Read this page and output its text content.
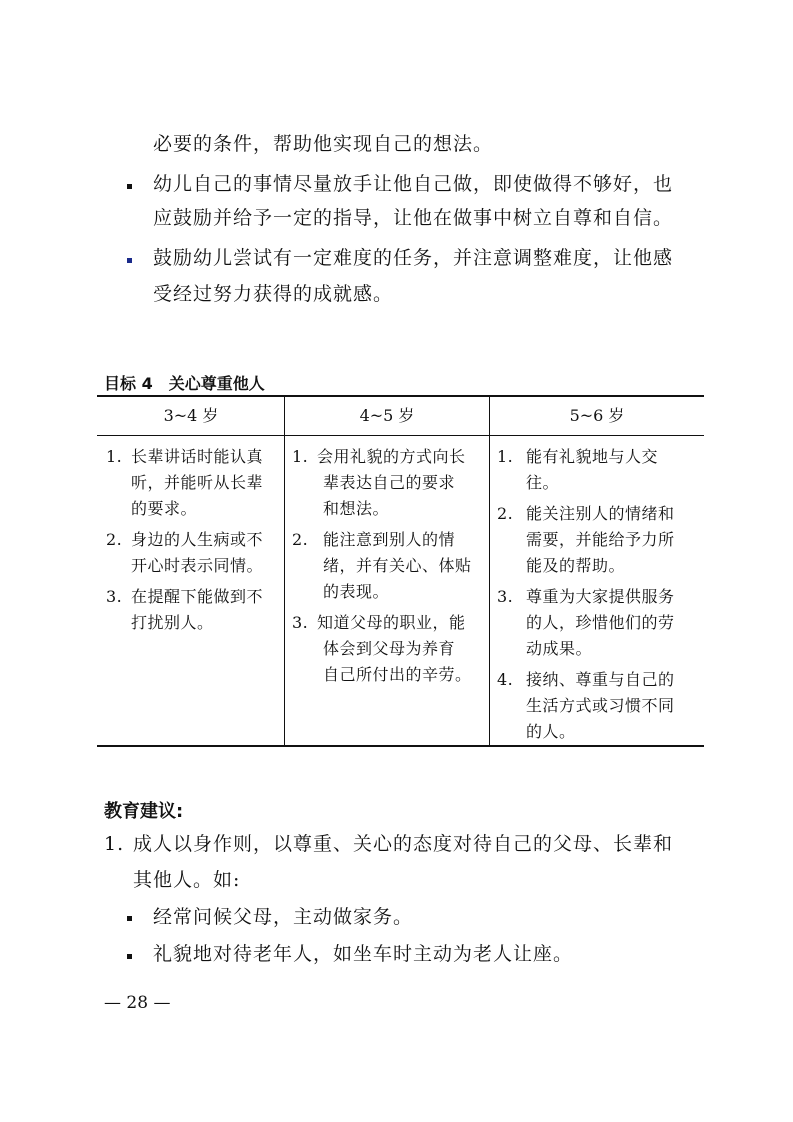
必要的条件，帮助他实现自己的想法。
幼儿自己的事情尽量放手让他自己做，即使做得不够好，也
应鼓励并给予一定的指导，让他在做事中树立自尊和自信。
鼓励幼儿尝试有一定难度的任务，并注意调整难度，让他感
受经过努力获得的成就感。
目标 4　关心尊重他人
3~4 岁	4~5 岁	5~6 岁
1. 长辈讲话时能认真
听，并能听从长辈
的要求。
2. 身边的人生病或不
开心时表示同情。
3. 在提醒下能做到不
打扰别人。
1. 会用礼貌的方式向长
辈表达自己的要求
和想法。
2. 能注意到别人的情
绪，并有关心、体贴
的表现。
3. 知道父母的职业，能
体会到父母为养育
自己所付出的辛劳。
1. 能有礼貌地与人交
往。
2. 能关注别人的情绪和
需要，并能给予力所
能及的帮助。
3. 尊重为大家提供服务
的人，珍惜他们的劳
动成果。
4. 接纳、尊重与自己的
生活方式或习惯不同
的人。
教育建议:
1. 成人以身作则，以尊重、关心的态度对待自己的父母、长辈和
其他人。如:
经常问候父母，主动做家务。
礼貌地对待老年人，如坐车时主动为老人让座。
— 28 —
